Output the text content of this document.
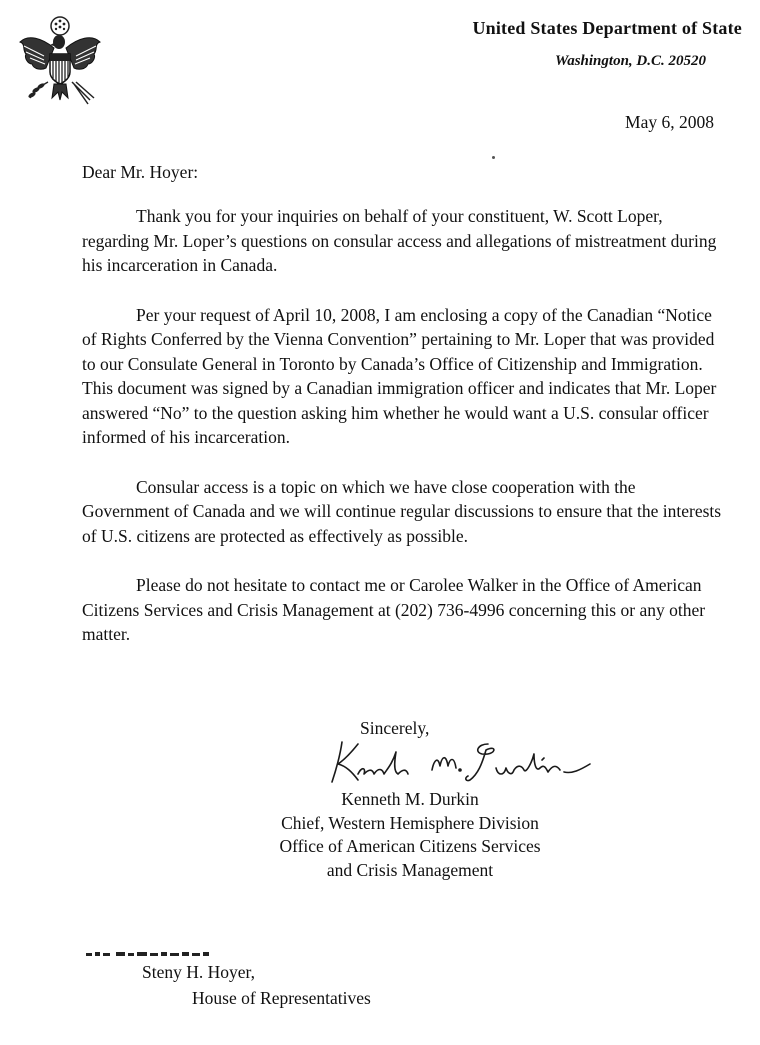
United States Department of State
Washington, D.C. 20520
May 6, 2008
Dear Mr. Hoyer:

Thank you for your inquiries on behalf of your constituent, W. Scott Loper, regarding Mr. Loper’s questions on consular access and allegations of mistreatment during his incarceration in Canada.

Per your request of April 10, 2008, I am enclosing a copy of the Canadian “Notice of Rights Conferred by the Vienna Convention” pertaining to Mr. Loper that was provided to our Consulate General in Toronto by Canada’s Office of Citizenship and Immigration. This document was signed by a Canadian immigration officer and indicates that Mr. Loper answered “No” to the question asking him whether he would want a U.S. consular officer informed of his incarceration.

Consular access is a topic on which we have close cooperation with the Government of Canada and we will continue regular discussions to ensure that the interests of U.S. citizens are protected as effectively as possible.

Please do not hesitate to contact me or Carolee Walker in the Office of American Citizens Services and Crisis Management at (202) 736-4996 concerning this or any other matter.

Sincerely,
Kenneth M. Durkin
Chief, Western Hemisphere Division
Office of American Citizens Services
and Crisis Management
Steny H. Hoyer,
House of Representatives
